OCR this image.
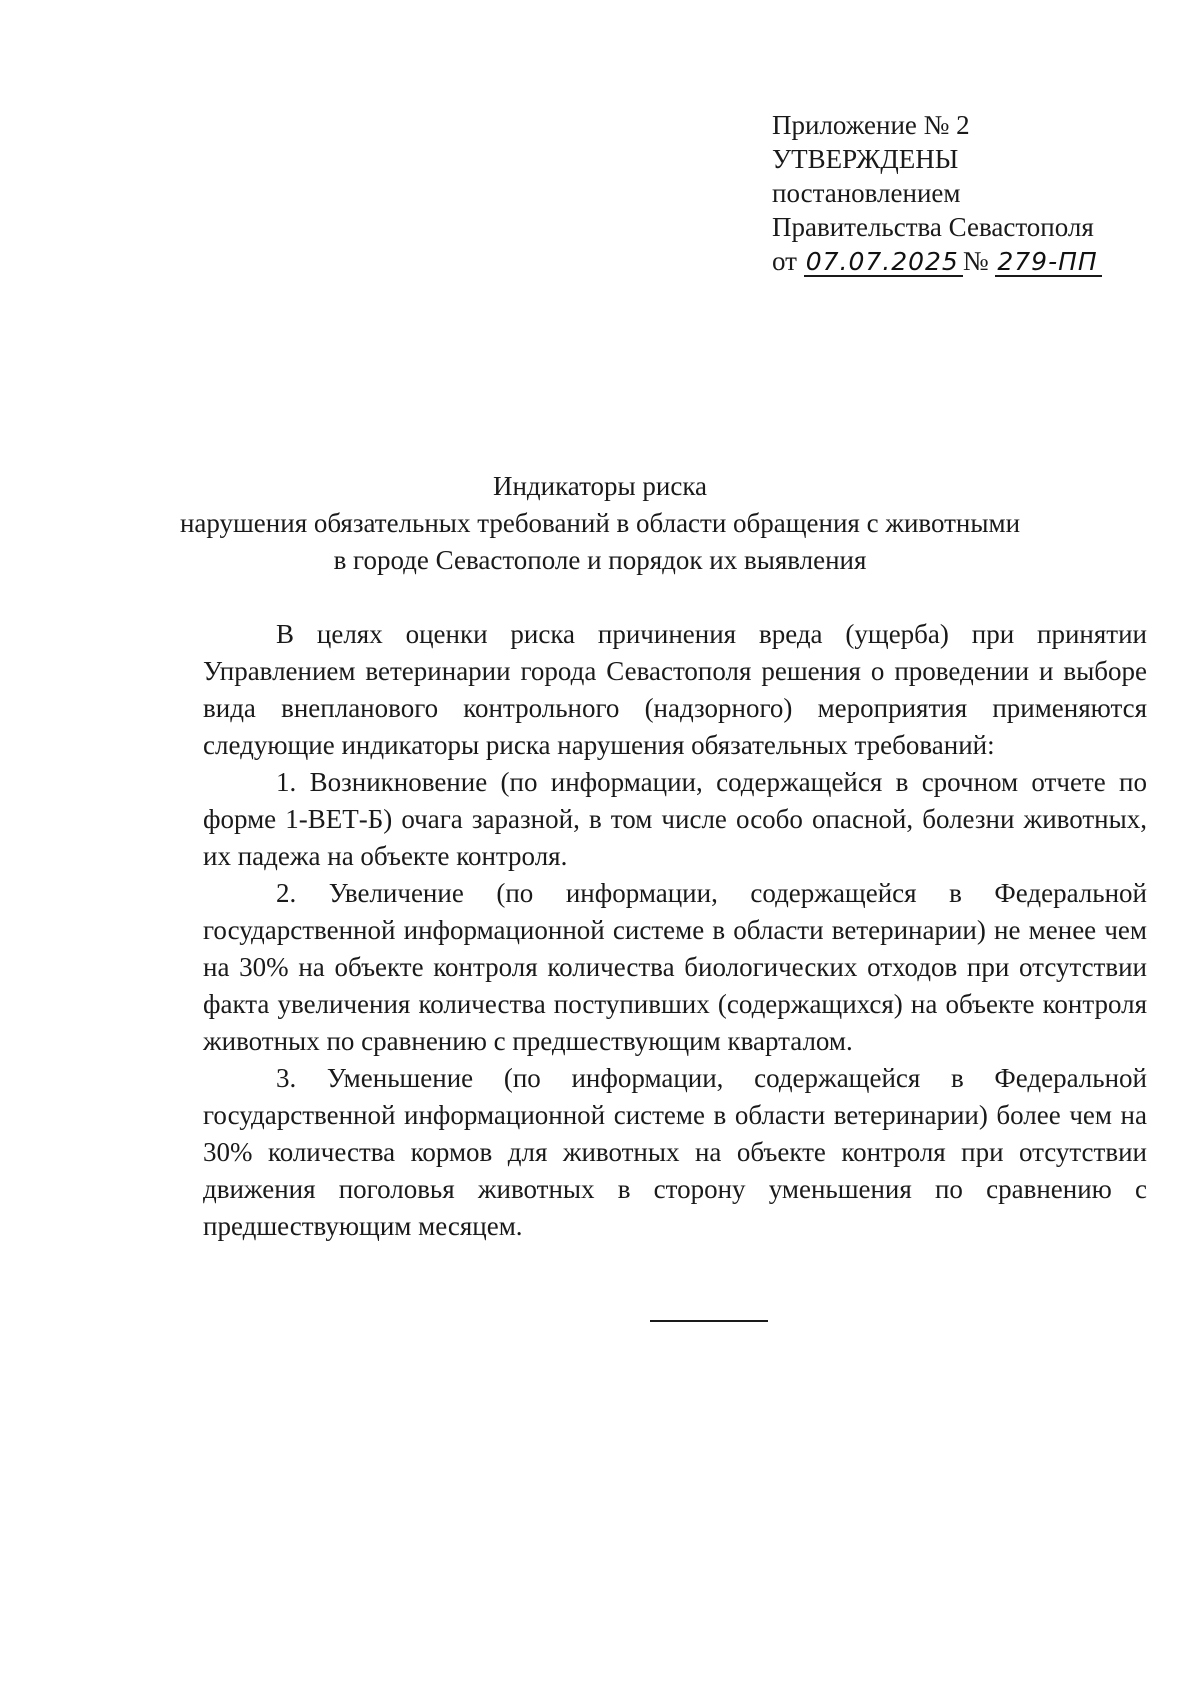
Приложение № 2
УТВЕРЖДЕНЫ
постановлением
Правительства Севастополя
от 07.07.2025 № 279-ПП
Индикаторы риска
нарушения обязательных требований в области обращения с животными
в городе Севастополе и порядок их выявления

В целях оценки риска причинения вреда (ущерба) при принятии Управлением ветеринарии города Севастополя решения о проведении и выборе вида внепланового контрольного (надзорного) мероприятия применяются следующие индикаторы риска нарушения обязательных требований:

1. Возникновение (по информации, содержащейся в срочном отчете по форме 1-ВЕТ-Б) очага заразной, в том числе особо опасной, болезни животных, их падежа на объекте контроля.

2. Увеличение (по информации, содержащейся в Федеральной государственной информационной системе в области ветеринарии) не менее чем на 30% на объекте контроля количества биологических отходов при отсутствии факта увеличения количества поступивших (содержащихся) на объекте контроля животных по сравнению с предшествующим кварталом.

3. Уменьшение (по информации, содержащейся в Федеральной государственной информационной системе в области ветеринарии) более чем на 30% количества кормов для животных на объекте контроля при отсутствии движения поголовья животных в сторону уменьшения по сравнению с предшествующим месяцем.
